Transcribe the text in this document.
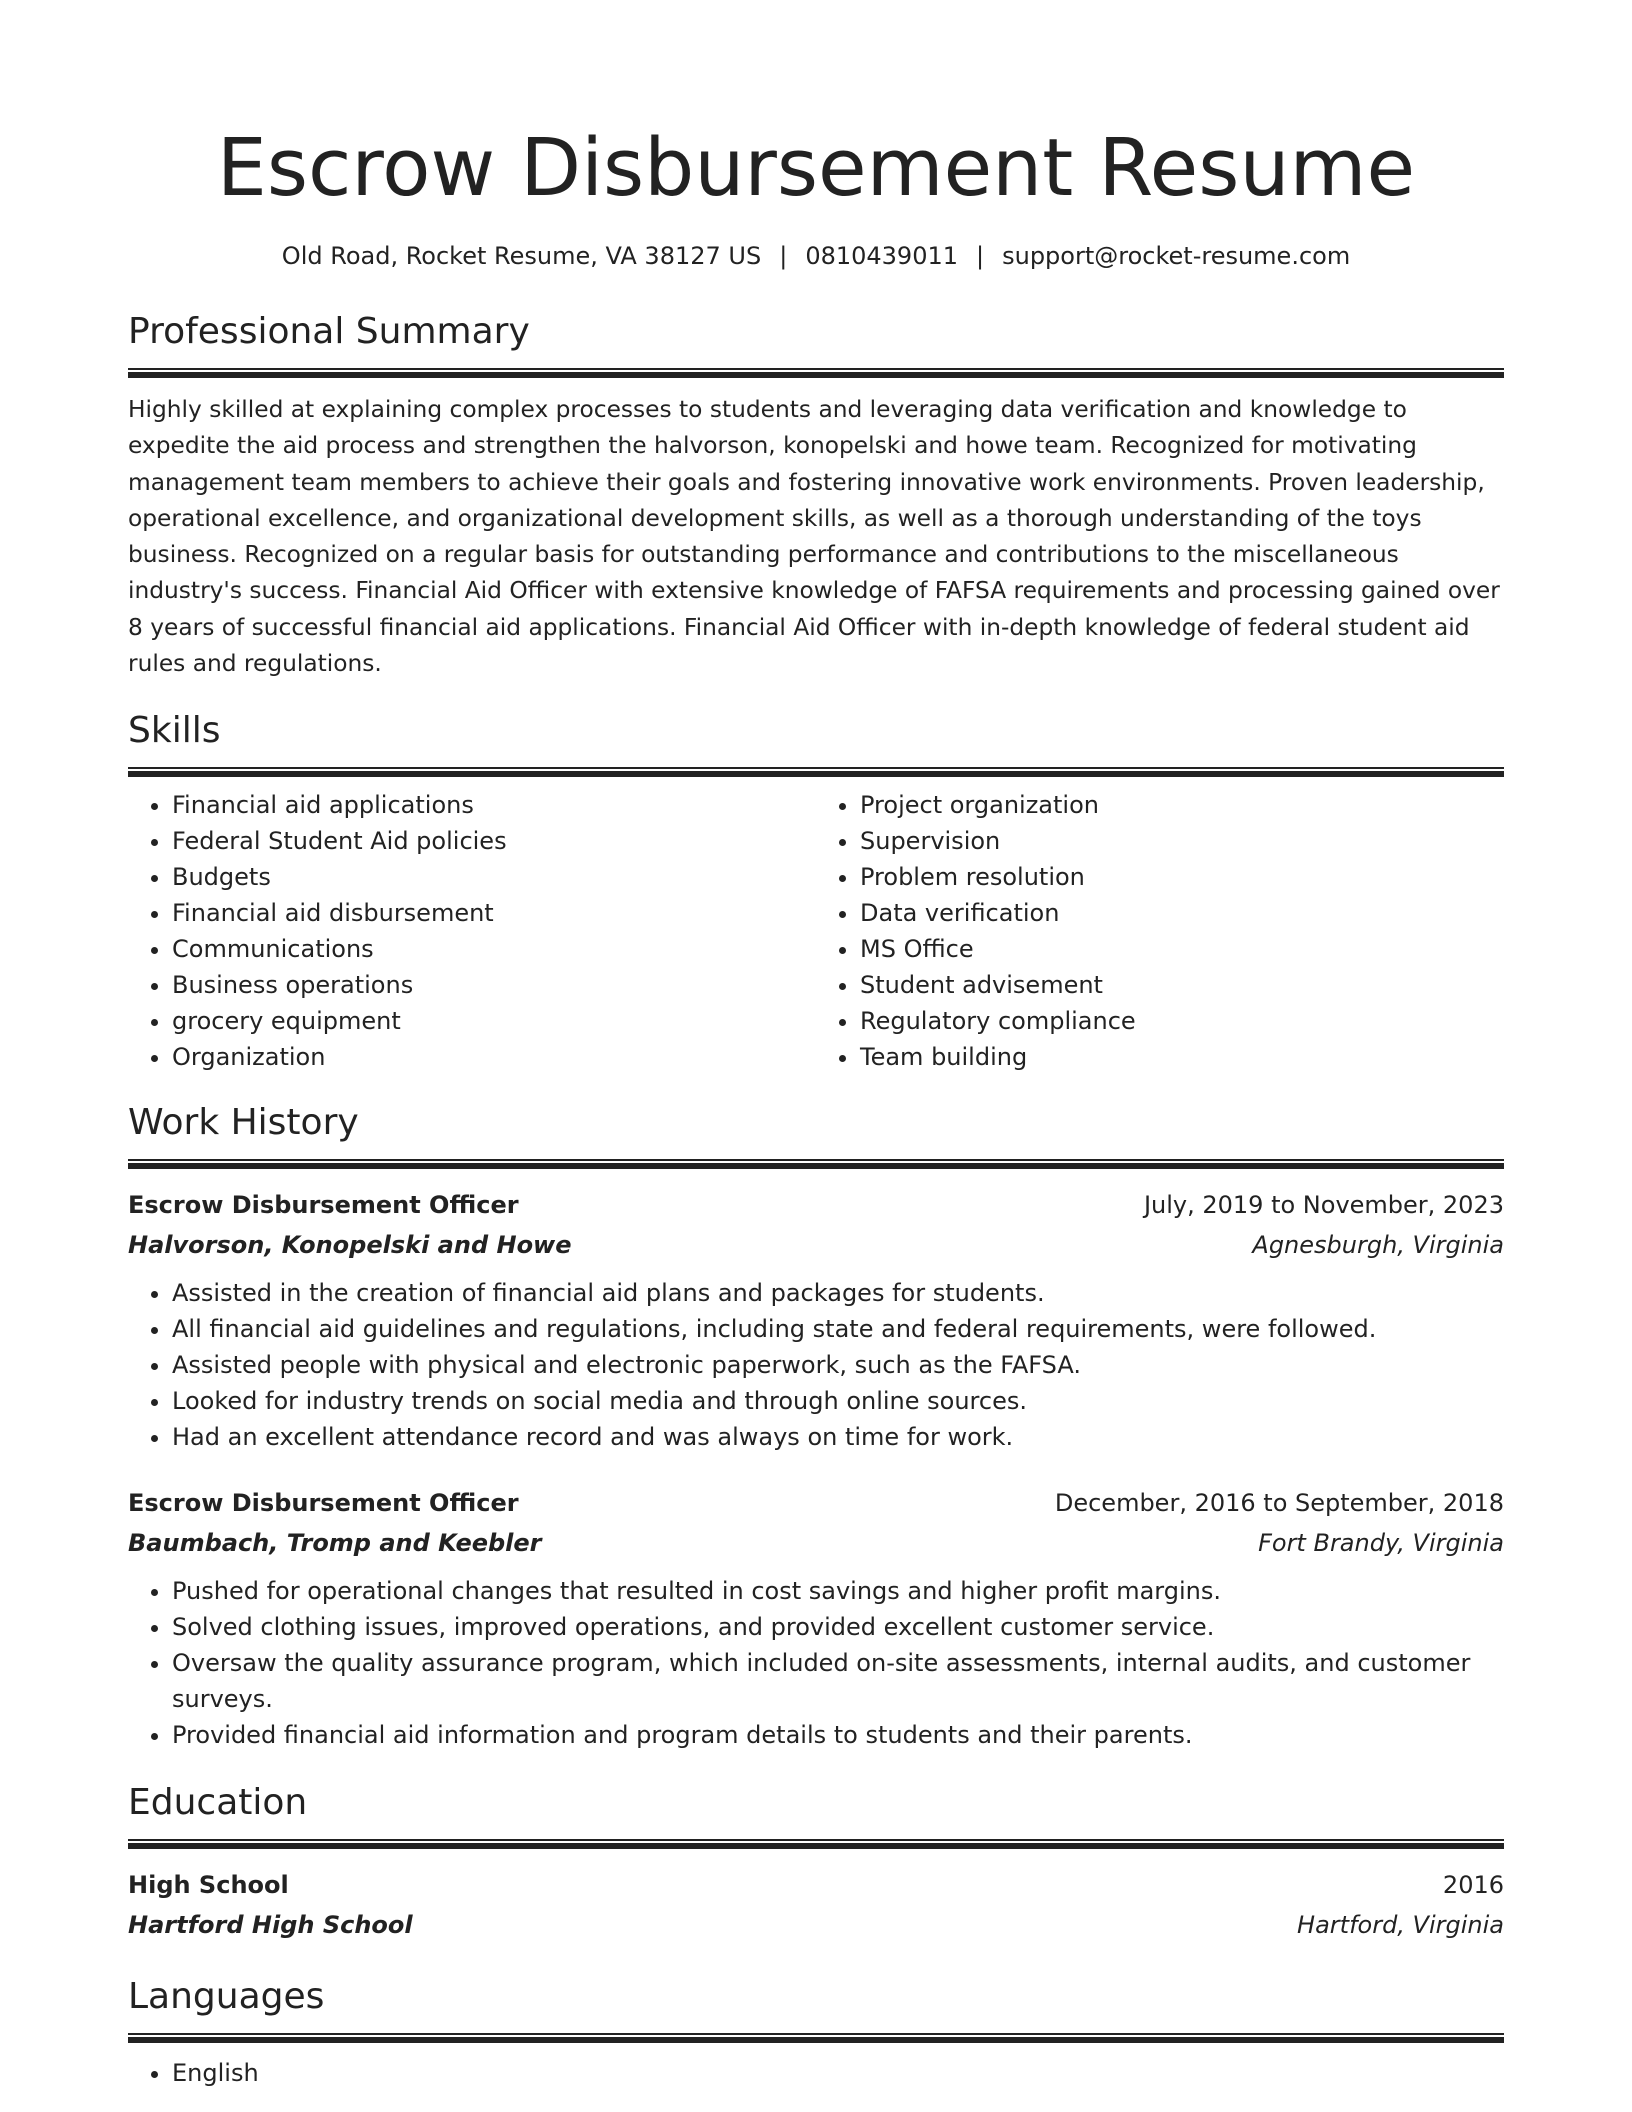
Escrow Disbursement Resume
Old Road, Rocket Resume, VA 38127 US | 0810439011 | support@rocket-resume.com
Professional Summary

Highly skilled at explaining complex processes to students and leveraging data verification and knowledge to expedite the aid process and strengthen the halvorson, konopelski and howe team. Recognized for motivating management team members to achieve their goals and fostering innovative work environments. Proven leadership, operational excellence, and organizational development skills, as well as a thorough understanding of the toys business. Recognized on a regular basis for outstanding performance and contributions to the miscellaneous industry's success. Financial Aid Officer with extensive knowledge of FAFSA requirements and processing gained over 8 years of successful financial aid applications. Financial Aid Officer with in-depth knowledge of federal student aid rules and regulations.

Skills
• Financial aid applications
• Federal Student Aid policies
• Budgets
• Financial aid disbursement
• Communications
• Business operations
• grocery equipment
• Organization
• Project organization
• Supervision
• Problem resolution
• Data verification
• MS Office
• Student advisement
• Regulatory compliance
• Team building
Work History
Escrow Disbursement Officer	July, 2019 to November, 2023
Halvorson, Konopelski and Howe	Agnesburgh, Virginia
• Assisted in the creation of financial aid plans and packages for students.
• All financial aid guidelines and regulations, including state and federal requirements, were followed.
• Assisted people with physical and electronic paperwork, such as the FAFSA.
• Looked for industry trends on social media and through online sources.
• Had an excellent attendance record and was always on time for work.
Escrow Disbursement Officer	December, 2016 to September, 2018
Baumbach, Tromp and Keebler	Fort Brandy, Virginia
• Pushed for operational changes that resulted in cost savings and higher profit margins.
• Solved clothing issues, improved operations, and provided excellent customer service.
• Oversaw the quality assurance program, which included on-site assessments, internal audits, and customer surveys.
• Provided financial aid information and program details to students and their parents.
Education
High School	2016
Hartford High School	Hartford, Virginia
Languages
• English
